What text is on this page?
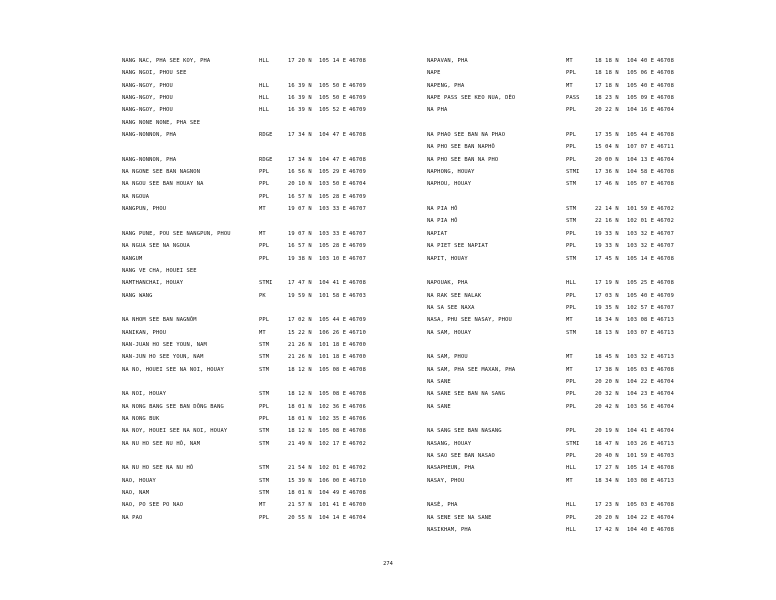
NANG NAC, PHA SEE KOY, PHA	HLL	17 20 N 105 14 E 46708
NANG NGOI, PHOU SEE
NANG-NGOY, PHOU	HLL	16 39 N 105 50 E 46709
NANG-NGOY, PHOU	HLL	16 39 N 105 50 E 46709
NANG-NGOY, PHOU	HLL	16 39 N 105 52 E 46709
NANG NONE NONE, PHA SEE
NANG-NONNON, PHA	RDGE	17 34 N 104 47 E 46708
NANG-NONNON, PHA	RDGE	17 34 N 104 47 E 46708
NA NGONE SEE BAN NAGNON	PPL	16 56 N 105 29 E 46709
NA NGOU SEE BAN HOUAY NA	PPL	20 10 N 103 50 E 46704
NA NGOUA	PPL	16 57 N 105 28 E 46709
NANGPUN, PHOU	MT	19 07 N 103 33 E 46707
NANG PUNE, POU SEE NANGPUN, PHOU	MT	19 07 N 103 33 E 46707
NA NGUA SEE NA NGOUA	PPL	16 57 N 105 28 E 46709
NANGUM	PPL	19 38 N 103 10 E 46707
NANG VE CHA, HOUEI SEE
NAMTHANCHAI, HOUAY	STMI	17 47 N 104 41 E 46708
NANG WANG	PK	19 59 N 101 58 E 46703
NA NHOM SEE BAN NAGNÔM	PPL	17 02 N 105 44 E 46709
NANIKAN, PHOU	MT	15 22 N 106 26 E 46710
NAN-JUAN HO SEE YOUN, NAM	STM	21 26 N 101 18 E 46700
NAN-JUN HO SEE YOUN, NAM	STM	21 26 N 101 18 E 46700
NA NO, HOUEI SEE NA NOI, HOUAY	STM	18 12 N 105 08 E 46708
NA NOI, HOUAY	STM	18 12 N 105 08 E 46708
NA NONG BANG SEE BAN DÔNG BANG	PPL	18 01 N 102 36 E 46706
NA NONG BUK	PPL	18 01 N 102 35 E 46706
NA NOY, HOUEI SEE NA NOI, HOUAY	STM	18 12 N 105 08 E 46708
NA NU HO SEE NU HÔ, NAM	STM	21 49 N 102 17 E 46702
NA NU HO SEE NA NU HÔ	STM	21 54 N 102 01 E 46702
NAO, HOUAY	STM	15 39 N 106 00 E 46710
NAO, NAM	STM	18 01 N 104 49 E 46708
NAO, PO SEE PO NAO	MT	21 57 N 101 41 E 46700
NA PAO	PPL	20 55 N 104 14 E 46704
NAPAVAN, PHA	MT	18 18 N 104 40 E 46708
NAPE	PPL	18 18 N 105 06 E 46708
NAPENG, PHA	MT	17 18 N 105 40 E 46708
NAPE PASS SEE KEO NUA, DÈO	PASS	18 23 N 105 09 E 46708
NA PHA	PPL	20 22 N 104 16 E 46704
NA PHAO SEE BAN NA PHAO	PPL	17 35 N 105 44 E 46708
NA PHO SEE BAN NAPHÔ	PPL	15 04 N 107 07 E 46711
NA PHO SEE BAN NA PHO	PPL	20 00 N 104 13 E 46704
NAPHONG, HOUAY	STMI	17 36 N 104 58 E 46708
NAPHOU, HOUAY	STM	17 46 N 105 07 E 46708
NA PIA HÔ	STM	22 14 N 101 59 E 46702
NA PIA HÔ	STM	22 16 N 102 01 E 46702
NAPIAT	PPL	19 33 N 103 32 E 46707
NA PIET SEE NAPIAT	PPL	19 33 N 103 32 E 46707
NAPIT, HOUAY	STM	17 45 N 105 14 E 46708
NAPOUAK, PHA	HLL	17 19 N 105 25 E 46708
NA RAK SEE NALAK	PPL	17 03 N 105 40 E 46709
NA SA SEE NAXA	PPL	19 35 N 102 57 E 46707
NASA, PHU SEE NASAY, PHOU	MT	18 34 N 103 08 E 46713
NA SAM, HOUAY	STM	18 13 N 103 07 E 46713
NA SAM, PHOU	MT	18 45 N 103 32 E 46713
NA SAM, PHA SEE MAXAN, PHA	MT	17 38 N 105 03 E 46708
NA SANE	PPL	20 20 N 104 22 E 46704
NA SANE SEE BAN NA SANG	PPL	20 32 N 104 23 E 46704
NA SANE	PPL	20 42 N 103 56 E 46704
NA SANG SEE BAN NASANG	PPL	20 19 N 104 41 E 46704
NASANG, HOUAY	STMI	18 47 N 103 26 E 46713
NA SAO SEE BAN NASAO	PPL	20 40 N 101 59 E 46703
NASAPHEUN, PHA	HLL	17 27 N 105 14 E 46708
NASAY, PHOU	MT	18 34 N 103 08 E 46713
NASÈ, PHA	HLL	17 23 N 105 03 E 46708
NA SENE SEE NA SANE	PPL	20 20 N 104 22 E 46704
NASIKHAM, PHA	HLL	17 42 N 104 40 E 46708
274
